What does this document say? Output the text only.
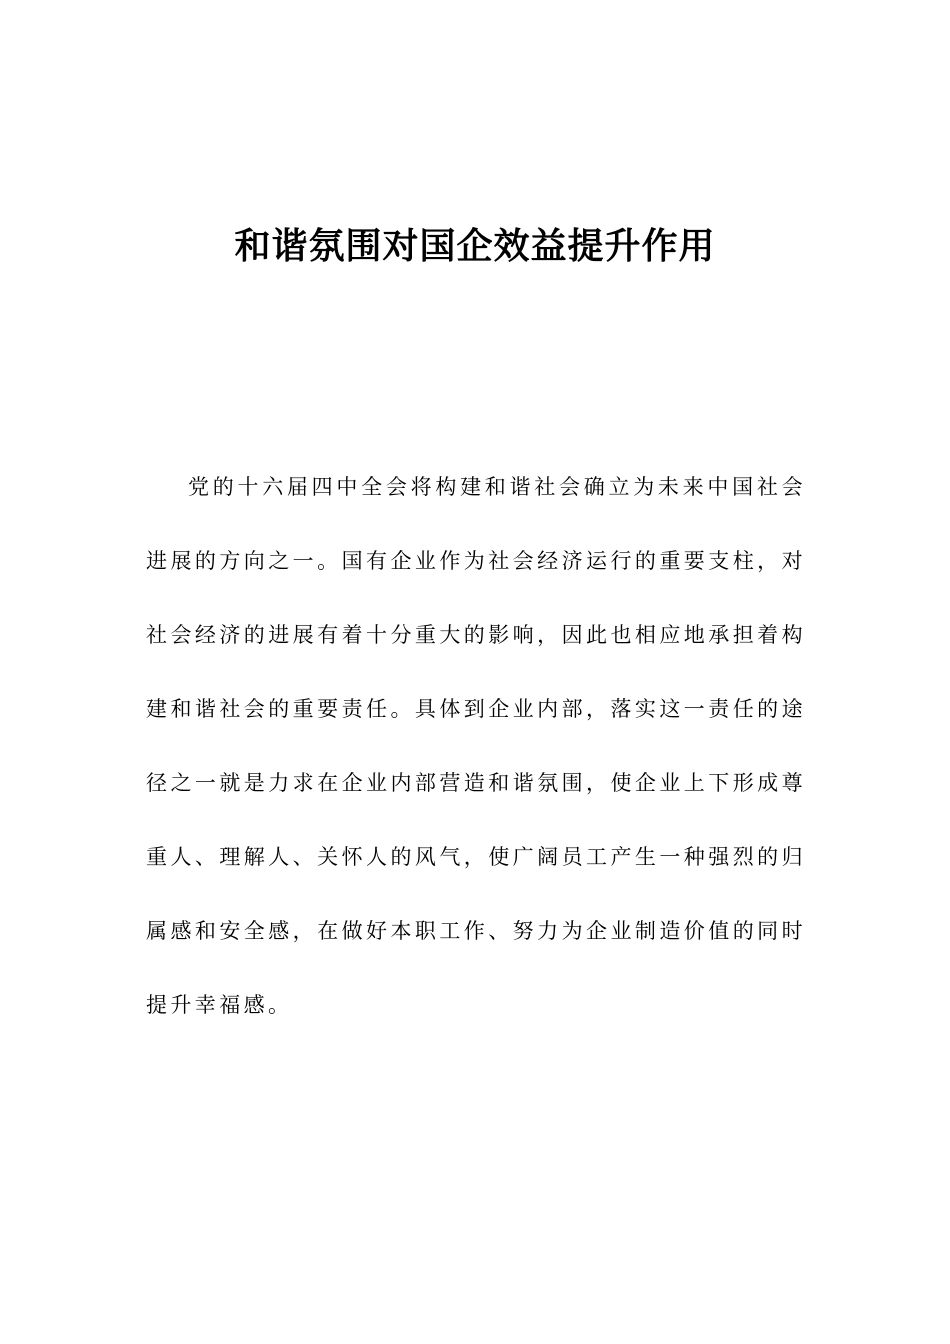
和谐氛围对国企效益提升作用

党的十六届四中全会将构建和谐社会确立为未来中国社会进展的方向之一。国有企业作为社会经济运行的重要支柱，对社会经济的进展有着十分重大的影响，因此也相应地承担着构建和谐社会的重要责任。具体到企业内部，落实这一责任的途径之一就是力求在企业内部营造和谐氛围，使企业上下形成尊重人、理解人、关怀人的风气，使广阔员工产生一种强烈的归属感和安全感，在做好本职工作、努力为企业制造价值的同时提升幸福感。
